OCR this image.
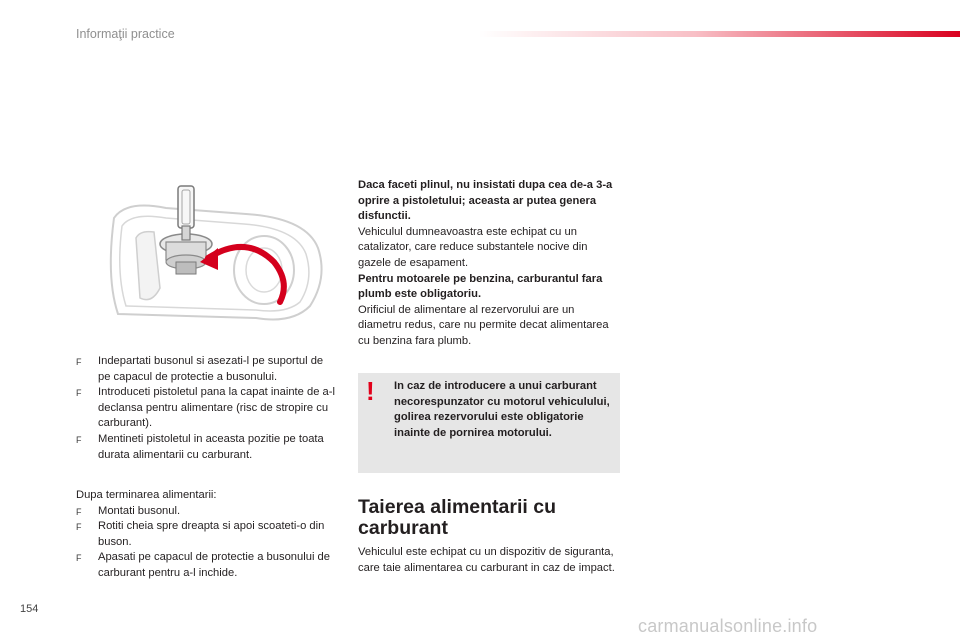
Informaţii practice
F Indepartati busonul si asezati-l pe suportul de pe capacul de protectie a busonului.
F Introduceti pistoletul pana la capat inainte de a-l declansa pentru alimentare (risc de stropire cu carburant).
F Mentineti pistoletul in aceasta pozitie pe toata durata alimentarii cu carburant.

Dupa terminarea alimentarii:

F Montati busonul.
F Rotiti cheia spre dreapta si apoi scoateti-o din buson.
F Apasati pe capacul de protectie a busonului de carburant pentru a-l inchide.

Daca faceti plinul, nu insistati dupa cea de-a 3-a oprire a pistoletului; aceasta ar putea genera disfunctii.

Vehiculul dumneavoastra este echipat cu un catalizator, care reduce substantele nocive din gazele de esapament.

Pentru motoarele pe benzina, carburantul fara plumb este obligatoriu.

Orificiul de alimentare al rezervorului are un diametru redus, care nu permite decat alimentarea cu benzina fara plumb.

! In caz de introducere a unui carburant necorespunzator cu motorul vehiculului, golirea rezervorului este obligatorie inainte de pornirea motorului.
Taierea alimentarii cu carburant
Vehiculul este echipat cu un dispozitiv de siguranta, care taie alimentarea cu carburant in caz de impact.
154
carmanualsonline.info
